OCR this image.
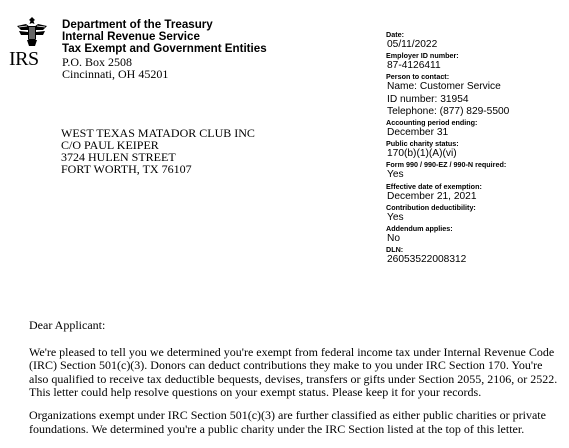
IRS
Department of the Treasury
Internal Revenue Service
Tax Exempt and Government Entities
P.O. Box 2508
Cincinnati, OH 45201
WEST TEXAS MATADOR CLUB INC
C/O PAUL KEIPER
3724 HULEN STREET
FORT WORTH, TX 76107
Date:
05/11/2022
Employer ID number:
87-4126411
Person to contact:
Name: Customer Service
ID number: 31954
Telephone: (877) 829-5500
Accounting period ending:
December 31
Public charity status:
170(b)(1)(A)(vi)
Form 990 / 990-EZ / 990-N required:
Yes
Effective date of exemption:
December 21, 2021
Contribution deductibility:
Yes
Addendum applies:
No
DLN:
26053522008312

Dear Applicant:

We're pleased to tell you we determined you're exempt from federal income tax under Internal Revenue Code (IRC) Section 501(c)(3). Donors can deduct contributions they make to you under IRC Section 170. You're also qualified to receive tax deductible bequests, devises, transfers or gifts under Section 2055, 2106, or 2522. This letter could help resolve questions on your exempt status. Please keep it for your records.

Organizations exempt under IRC Section 501(c)(3) are further classified as either public charities or private foundations. We determined you're a public charity under the IRC Section listed at the top of this letter.
